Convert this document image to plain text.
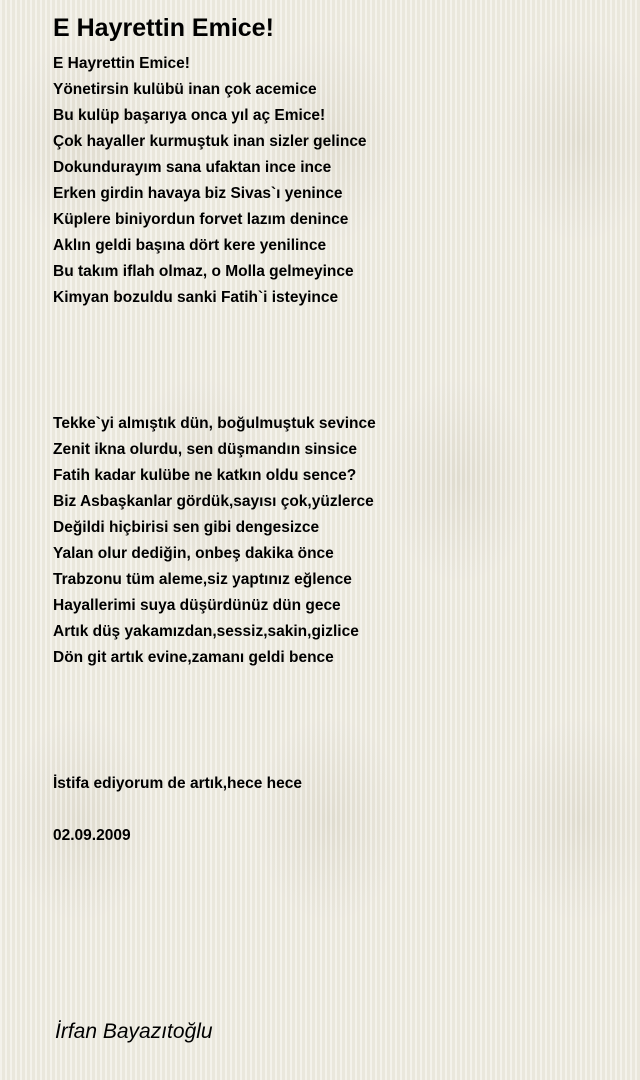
E Hayrettin Emice!
E Hayrettin Emice!
Yönetirsin kulübü inan çok acemice
Bu kulüp başarıya onca yıl aç Emice!
Çok hayaller kurmuştuk inan sizler gelince
Dokundurayım sana ufaktan ince ince
Erken girdin havaya biz Sivas`ı yenince
Küplere biniyordun forvet lazım denince
Aklın geldi başına dört kere yenilince
Bu takım iflah olmaz, o Molla gelmeyince
Kimyan bozuldu sanki Fatih`i isteyince
Tekke`yi almıştık dün, boğulmuştuk sevince
Zenit ikna olurdu, sen düşmandın sinsice
Fatih kadar kulübe ne katkın oldu sence?
Biz Asbaşkanlar gördük,sayısı çok,yüzlerce
Değildi hiçbirisi sen gibi dengesizce
Yalan olur dediğin, onbeş dakika önce
Trabzonu tüm aleme,siz yaptınız eğlence
Hayallerimi suya düşürdünüz dün gece
Artık düş yakamızdan,sessiz,sakin,gizlice
Dön git artık evine,zamanı geldi bence
İstifa ediyorum de artık,hece hece
02.09.2009
İrfan Bayazıtoğlu
